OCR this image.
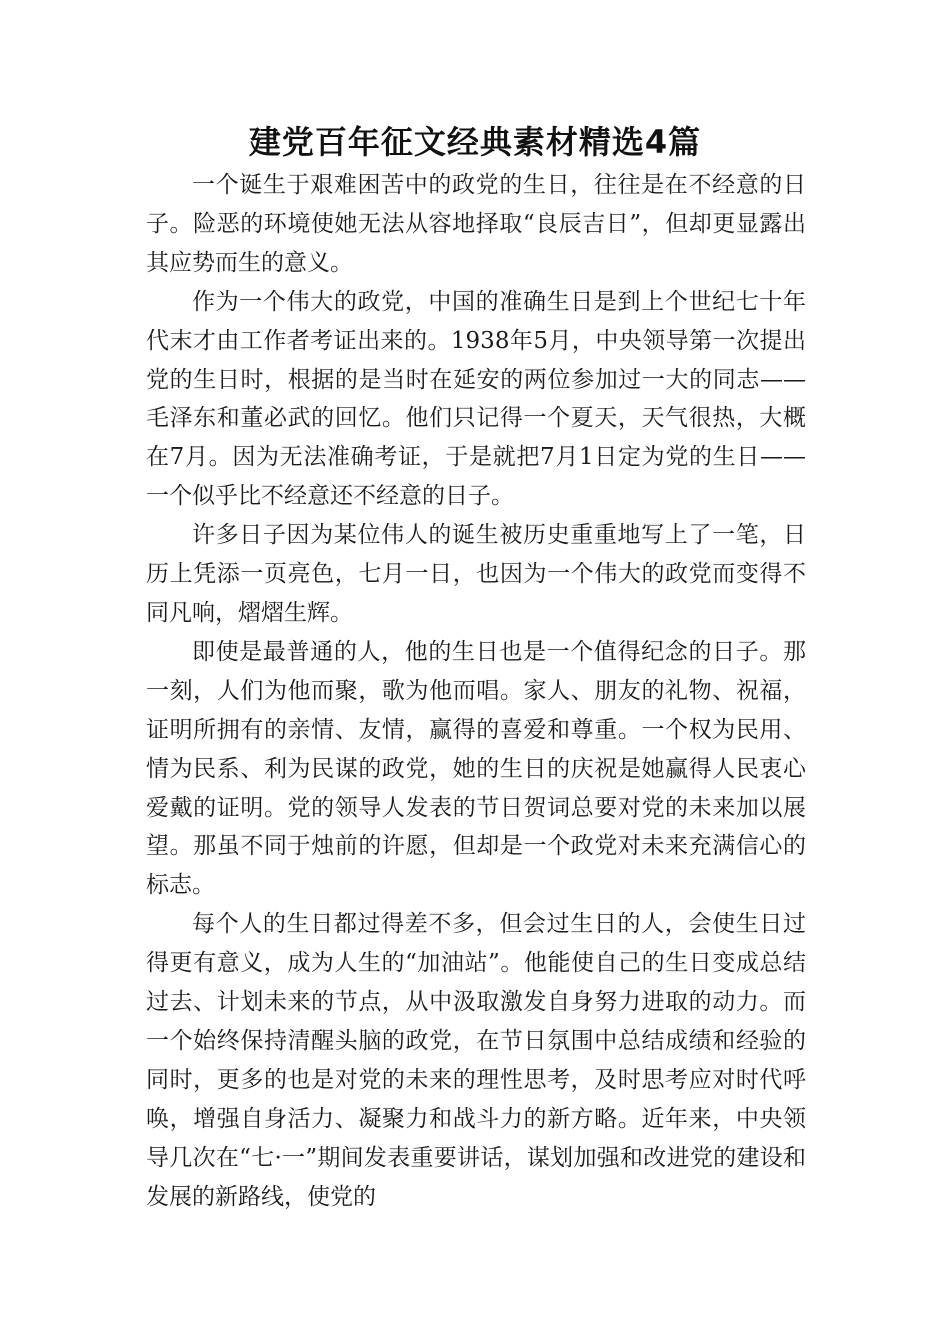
建党百年征文经典素材精选4篇

一个诞生于艰难困苦中的政党的生日，往往是在不经意的日子。险恶的环境使她无法从容地择取“良辰吉日”，但却更显露出其应势而生的意义。

作为一个伟大的政党，中国的准确生日是到上个世纪七十年代末才由工作者考证出来的。1938年5月，中央领导第一次提出党的生日时，根据的是当时在延安的两位参加过一大的同志——毛泽东和董必武的回忆。他们只记得一个夏天，天气很热，大概在7月。因为无法准确考证，于是就把7月1日定为党的生日——一个似乎比不经意还不经意的日子。

许多日子因为某位伟人的诞生被历史重重地写上了一笔，日历上凭添一页亮色，七月一日，也因为一个伟大的政党而变得不同凡响，熠熠生辉。

即使是最普通的人，他的生日也是一个值得纪念的日子。那一刻，人们为他而聚，歌为他而唱。家人、朋友的礼物、祝福，证明所拥有的亲情、友情，赢得的喜爱和尊重。一个权为民用、情为民系、利为民谋的政党，她的生日的庆祝是她赢得人民衷心爱戴的证明。党的领导人发表的节日贺词总要对党的未来加以展望。那虽不同于烛前的许愿，但却是一个政党对未来充满信心的标志。

每个人的生日都过得差不多，但会过生日的人，会使生日过得更有意义，成为人生的“加油站”。他能使自己的生日变成总结过去、计划未来的节点，从中汲取激发自身努力进取的动力。而一个始终保持清醒头脑的政党，在节日氛围中总结成绩和经验的同时，更多的也是对党的未来的理性思考，及时思考应对时代呼唤，增强自身活力、凝聚力和战斗力的新方略。近年来，中央领导几次在“七·一”期间发表重要讲话，谋划加强和改进党的建设和发展的新路线，使党的
